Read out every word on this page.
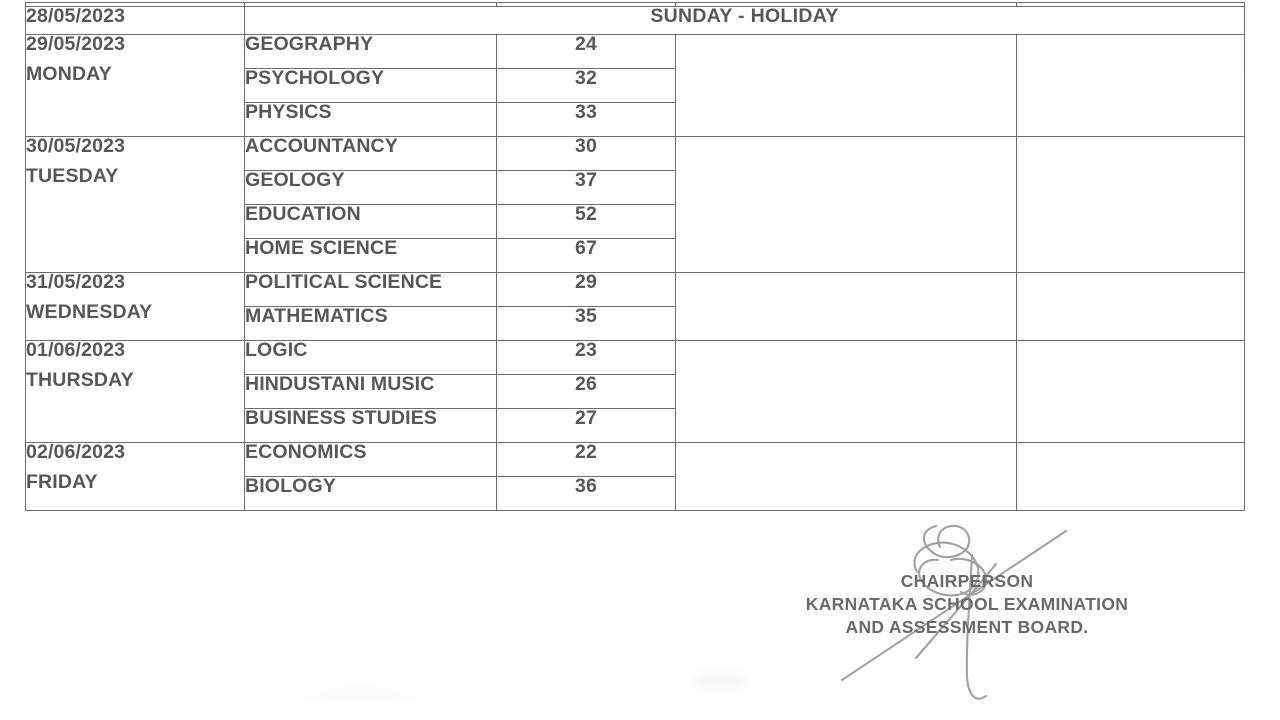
28/05/2023	SUNDAY - HOLIDAY			

29/05/2023
MONDAY	GEOGRAPHY	24		
	PSYCHOLOGY	32		
	PHYSICS	33		

30/05/2023
TUESDAY	ACCOUNTANCY	30		
	GEOLOGY	37		
	EDUCATION	52		
	HOME SCIENCE	67		

31/05/2023
WEDNESDAY	POLITICAL SCIENCE	29		
	MATHEMATICS	35		

01/06/2023
THURSDAY	LOGIC	23		
	HINDUSTANI MUSIC	26		
	BUSINESS STUDIES	27		

02/06/2023
FRIDAY	ECONOMICS	22		
	BIOLOGY	36		
CHAIRPERSON
KARNATAKA SCHOOL EXAMINATION
AND ASSESSMENT BOARD.
